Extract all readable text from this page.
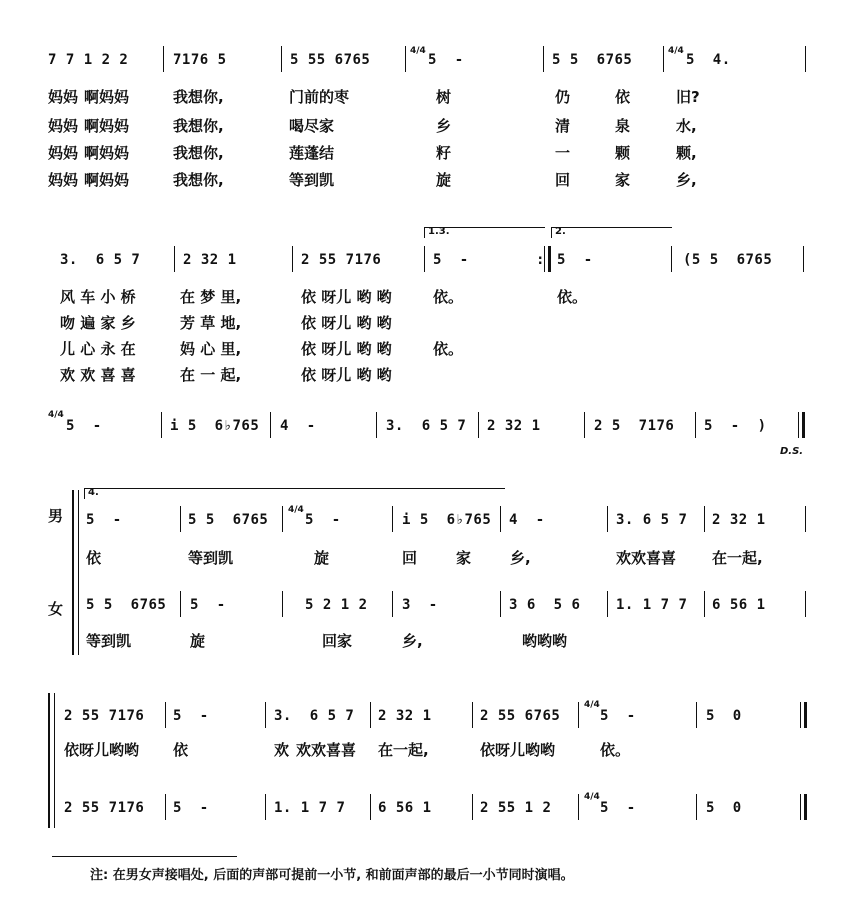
7 7 1 2 2	7176 5	5 55 6765
4/4
5  -	5 5  6765
4/4
5  4.

妈妈

啊妈妈

	我想你,

	门前的枣

	树

	仍

	依

	旧?

妈妈

啊妈妈

	我想你,

	喝尽家

	乡

	清

	泉

	水,

妈妈

啊妈妈

	我想你,

	莲蓬结

	籽

	一

	颗

	颗,

妈妈

啊妈妈

	我想你,

	等到凯

	旋

	回

	家

	乡,

1.3.	2.
3.  6 5 7	2 32 1	2 55 7176	5  -	: 5  -	(5 5  6765

风 车 小 桥

	在 梦 里,

	依 呀儿 哟 哟

	依。

	依。

吻 遍 家 乡

	芳 草 地,

	依 呀儿 哟 哟

儿 心 永 在

	妈 心 里,

	依 呀儿 哟 哟

	依。

欢 欢 喜 喜

	在 一 起,

	依 呀儿 哟 哟

4/4
5  -	i 5  6♭765 4  -	3.  6 5 7 2 32 1	2 5  7176 5  -  )
D.S.
男
女
4.
5  -	5 5  6765
4/4
5  -	i 5  6♭765 4  -	3. 6 5 7 2 32 1

依

	等到凯

	旋

	回

	家

	乡,

	欢欢喜喜

在一起,

5 5  6765 5  -	5 2 1 2 3  -	3 6  5 6	1. 1 7 7 6 56 1

等到凯

	旋

	回家

	乡,

	哟哟哟

2 55 7176 5  -	3.  6 5 7 2 32 1	2 55 6765
4/4
5  -	5  0

依呀儿哟哟

依

	欢

欢欢喜喜

在一起,

	依呀儿哟哟

	依。

2 55 7176 5  -	1. 1 7 7 6 56 1	2 55 1 2
4/4
5  -	5  0
注: 在男女声接唱处, 后面的声部可提前一小节, 和前面声部的最后一小节同时演唱。
